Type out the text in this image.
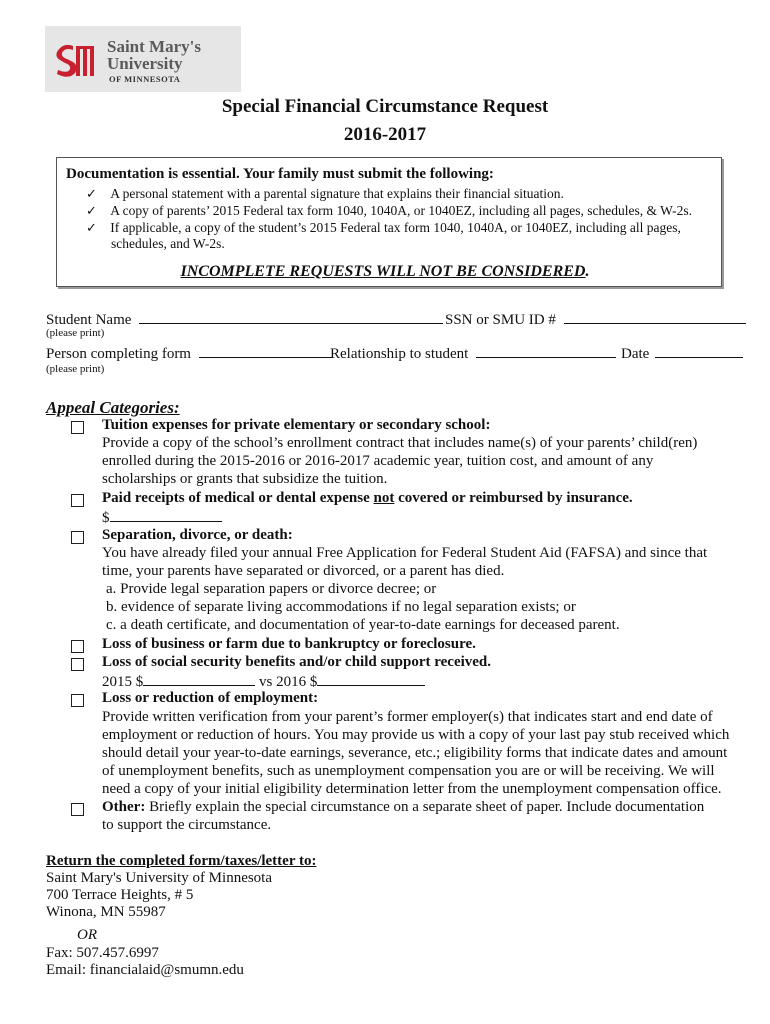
Saint Mary's
University
OF MINNESOTA
Special Financial Circumstance Request
2016-2017
Documentation is essential. Your family must submit the following:
✓ A personal statement with a parental signature that explains their financial situation.
✓ A copy of parents’ 2015 Federal tax form 1040, 1040A, or 1040EZ, including all pages, schedules, & W-2s.
✓ If applicable, a copy of the student’s 2015 Federal tax form 1040, 1040A, or 1040EZ, including all pages,
schedules, and W-2s.
INCOMPLETE REQUESTS WILL NOT BE CONSIDERED.
Student Name	SSN or SMU ID #
(please print)
Person completing form	Relationship to student	Date
(please print)
Appeal Categories:
Tuition expenses for private elementary or secondary school:
Provide a copy of the school’s enrollment contract that includes name(s) of your parents’ child(ren)
enrolled during the 2015-2016 or 2016-2017 academic year, tuition cost, and amount of any
scholarships or grants that subsidize the tuition.
Paid receipts of medical or dental expense not covered or reimbursed by insurance.
$
Separation, divorce, or death:
You have already filed your annual Free Application for Federal Student Aid (FAFSA) and since that
time, your parents have separated or divorced, or a parent has died.
a. Provide legal separation papers or divorce decree; or
b. evidence of separate living accommodations if no legal separation exists; or
c. a death certificate, and documentation of year-to-date earnings for deceased parent.
Loss of business or farm due to bankruptcy or foreclosure.
Loss of social security benefits and/or child support received.
2015 $	vs 2016 $
Loss or reduction of employment:
Provide written verification from your parent’s former employer(s) that indicates start and end date of
employment or reduction of hours. You may provide us with a copy of your last pay stub received which
should detail your year-to-date earnings, severance, etc.; eligibility forms that indicate dates and amount
of unemployment benefits, such as unemployment compensation you are or will be receiving. We will
need a copy of your initial eligibility determination letter from the unemployment compensation office.
Other: Briefly explain the special circumstance on a separate sheet of paper. Include documentation
to support the circumstance.
Return the completed form/taxes/letter to:
Saint Mary's University of Minnesota
700 Terrace Heights, # 5
Winona, MN 55987
OR
Fax: 507.457.6997
Email: financialaid@smumn.edu
